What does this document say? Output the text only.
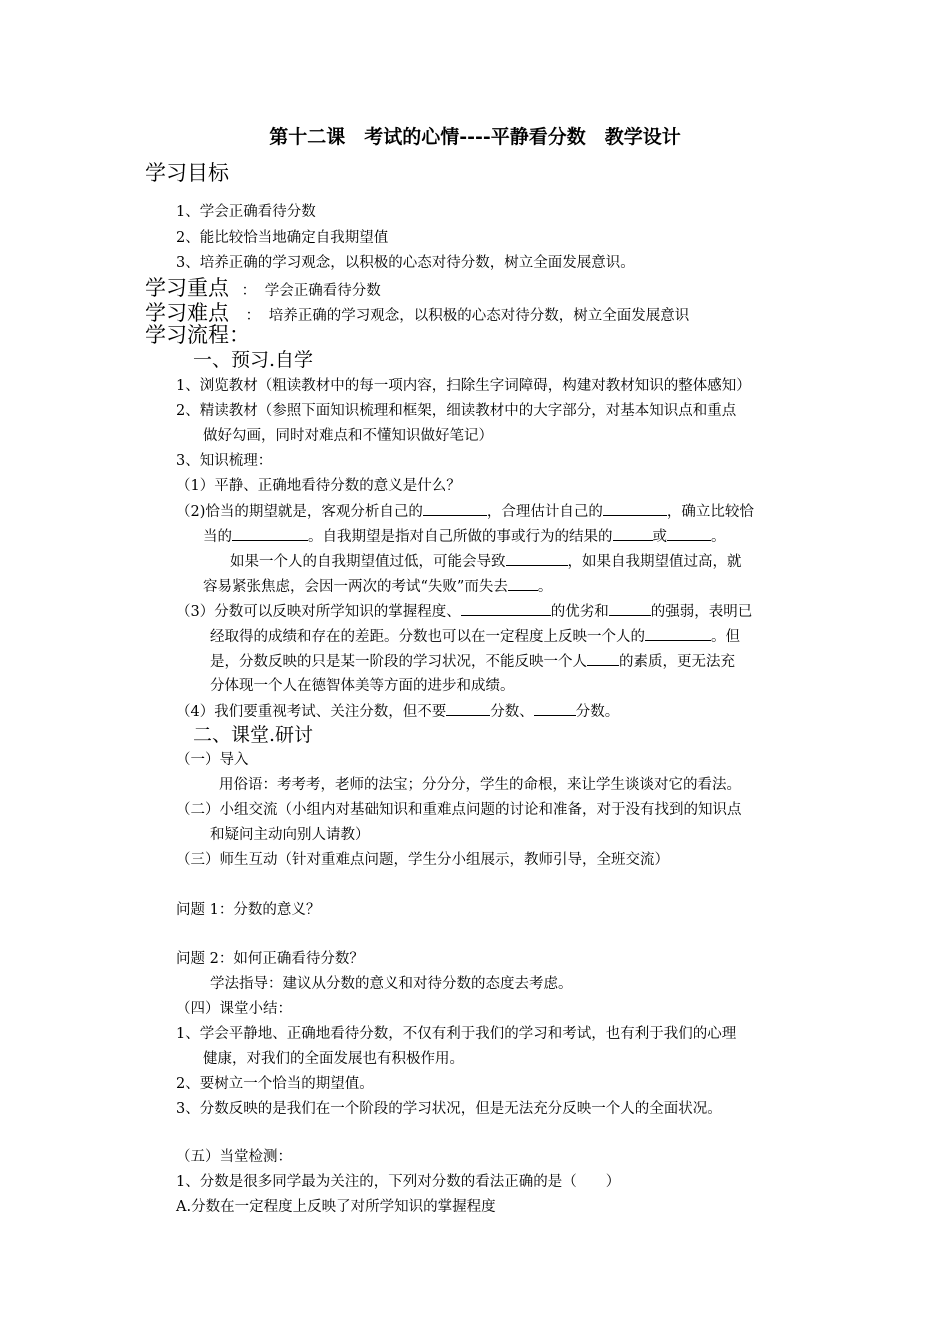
第十二课　考试的心情----平静看分数　教学设计
学习目标
1、学会正确看待分数
2、能比较恰当地确定自我期望值
3、培养正确的学习观念，以积极的心态对待分数，树立全面发展意识。
学习重点 ： 学会正确看待分数
学习难点 ： 培养正确的学习观念，以积极的心态对待分数，树立全面发展意识
学习流程：
一、预习.自学
1、浏览教材（粗读教材中的每一项内容，扫除生字词障碍，构建对教材知识的整体感知）
2、精读教材（参照下面知识梳理和框架，细读教材中的大字部分，对基本知识点和重点
做好勾画，同时对难点和不懂知识做好笔记）
3、知识梳理：
（1）平静、正确地看待分数的意义是什么？
（2)恰当的期望就是，客观分析自己的	，合理估计自己的	，确立比较恰
当的	。自我期望是指对自己所做的事或行为的结果的	或	。
如果一个人的自我期望值过低，可能会导致	，如果自我期望值过高，就
容易紧张焦虑，会因一两次的考试“失败”而失去 。
（3）分数可以反映对所学知识的掌握程度、	的优劣和	的强弱，表明已
经取得的成绩和存在的差距。分数也可以在一定程度上反映一个人的	。但
是，分数反映的只是某一阶段的学习状况，不能反映一个人 的素质，更无法充
分体现一个人在德智体美等方面的进步和成绩。
（4）我们要重视考试、关注分数，但不要	分数、	分数。
二、课堂.研讨
（一）导入
用俗语：考考考，老师的法宝；分分分，学生的命根，来让学生谈谈对它的看法。
（二）小组交流（小组内对基础知识和重难点问题的讨论和准备，对于没有找到的知识点
和疑问主动向别人请教）
（三）师生互动（针对重难点问题，学生分小组展示，教师引导，全班交流）
问题 1：分数的意义？
问题 2：如何正确看待分数？
学法指导：建议从分数的意义和对待分数的态度去考虑。
（四）课堂小结：
1、学会平静地、正确地看待分数，不仅有利于我们的学习和考试，也有利于我们的心理
健康，对我们的全面发展也有积极作用。
2、要树立一个恰当的期望值。
3、分数反映的是我们在一个阶段的学习状况，但是无法充分反映一个人的全面状况。
（五）当堂检测：
1、分数是很多同学最为关注的，下列对分数的看法正确的是（　　）
A.分数在一定程度上反映了对所学知识的掌握程度
